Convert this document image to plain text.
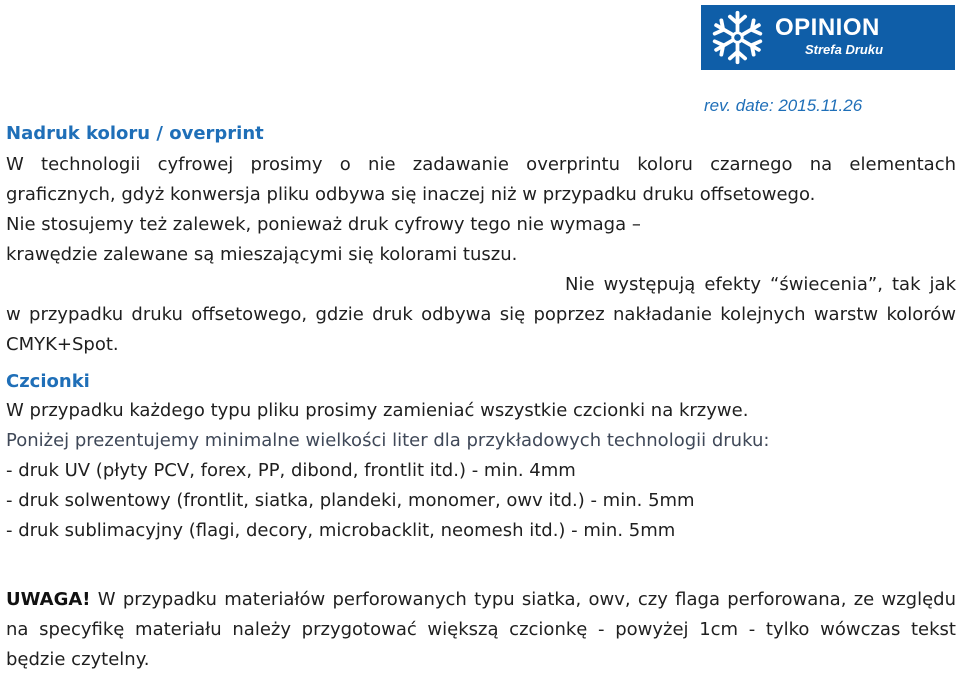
OPINION
Strefa Druku
rev. date: 2015.11.26
Nadruk koloru / overprint
W technologii cyfrowej prosimy o nie zadawanie overprintu koloru czarnego na elementach
graficznych, gdyż konwersja pliku odbywa się inaczej niż w przypadku druku offsetowego.
Nie stosujemy też zalewek, ponieważ druk cyfrowy tego nie wymaga –
krawędzie zalewane są mieszającymi się kolorami tuszu.
Nie występują efekty “świecenia”, tak jak w przypadku druku offsetowego, gdzie druk odbywa się poprzez nakładanie kolejnych warstw kolorów CMYK+Spot.
Czcionki
W przypadku każdego typu pliku prosimy zamieniać wszystkie czcionki na krzywe.
Poniżej prezentujemy minimalne wielkości liter dla przykładowych technologii druku:
- druk UV (płyty PCV, forex, PP, dibond, frontlit itd.) - min. 4mm
- druk solwentowy (frontlit, siatka, plandeki, monomer, owv itd.) - min. 5mm
- druk sublimacyjny (flagi, decory, microbacklit, neomesh itd.) - min. 5mm
UWAGA! W przypadku materiałów perforowanych typu siatka, owv, czy flaga perforowana, ze względu na specyfikę materiału należy przygotować większą czcionkę - powyżej 1cm - tylko wówczas tekst będzie czytelny.
